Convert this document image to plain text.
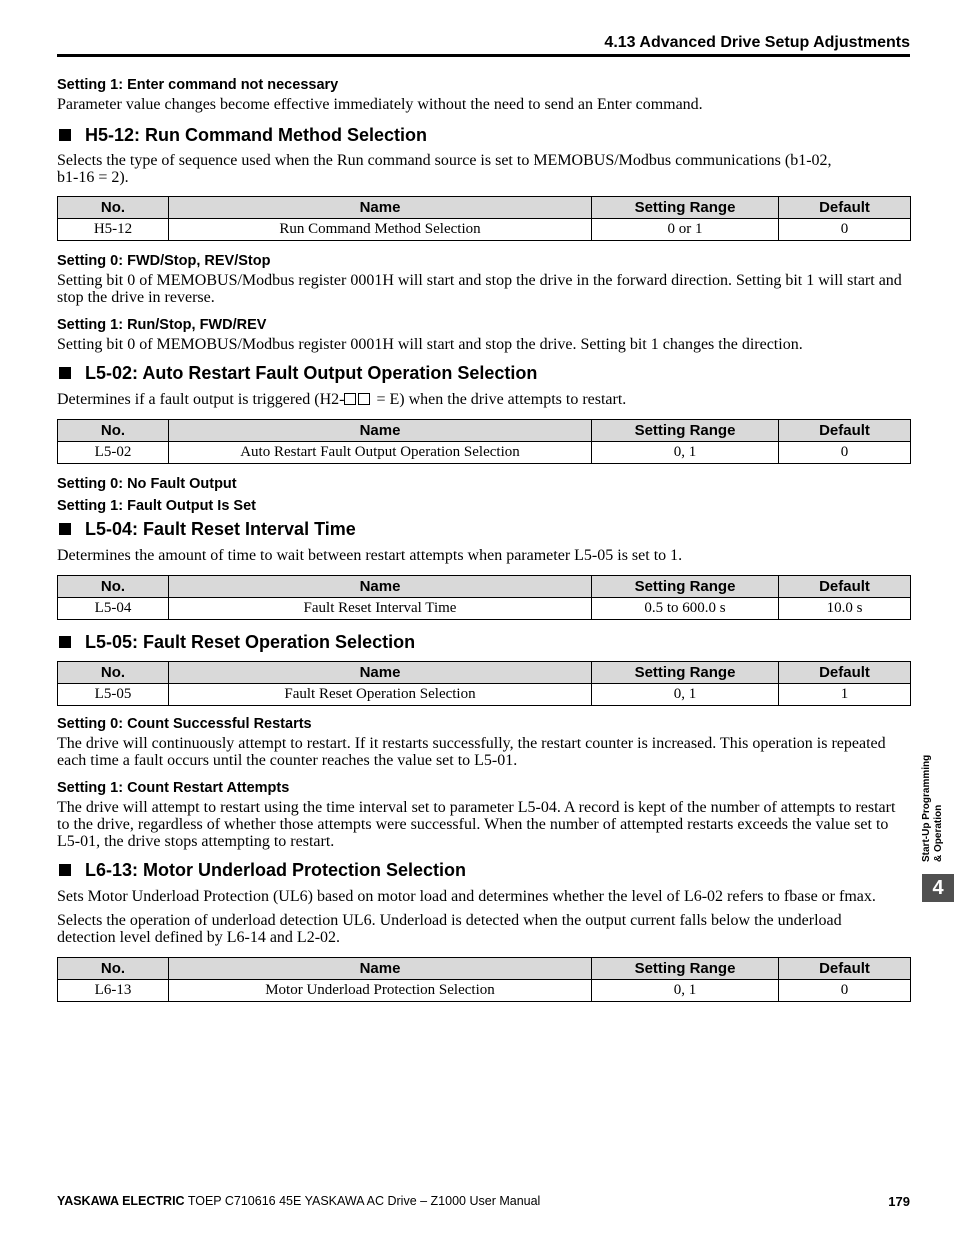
4.13 Advanced Drive Setup Adjustments

Setting 1: Enter command not necessary

Parameter value changes become effective immediately without the need to send an Enter command.

H5-12: Run Command Method Selection

Selects the type of sequence used when the Run command source is set to MEMOBUS/Modbus communications (b1-02, b1-16 = 2).

No.	Name	Setting Range	Default
H5-12	Run Command Method Selection	0 or 1	0

Setting 0: FWD/Stop, REV/Stop

Setting bit 0 of MEMOBUS/Modbus register 0001H will start and stop the drive in the forward direction. Setting bit 1 will start and stop the drive in reverse.

Setting 1: Run/Stop, FWD/REV

Setting bit 0 of MEMOBUS/Modbus register 0001H will start and stop the drive. Setting bit 1 changes the direction.

L5-02: Auto Restart Fault Output Operation Selection

Determines if a fault output is triggered (H2- = E) when the drive attempts to restart.

No.	Name	Setting Range	Default
L5-02	Auto Restart Fault Output Operation Selection	0, 1	0

Setting 0: No Fault Output

Setting 1: Fault Output Is Set

L5-04: Fault Reset Interval Time

Determines the amount of time to wait between restart attempts when parameter L5-05 is set to 1.

No.	Name	Setting Range	Default
L5-04	Fault Reset Interval Time	0.5 to 600.0 s	10.0 s
L5-05: Fault Reset Operation Selection
No.	Name	Setting Range	Default
L5-05	Fault Reset Operation Selection	0, 1	1

Setting 0: Count Successful Restarts

The drive will continuously attempt to restart. If it restarts successfully, the restart counter is increased. This operation is repeated each time a fault occurs until the counter reaches the value set to L5-01.

Setting 1: Count Restart Attempts

The drive will attempt to restart using the time interval set to parameter L5-04. A record is kept of the number of attempts to restart to the drive, regardless of whether those attempts were successful. When the number of attempted restarts exceeds the value set to L5-01, the drive stops attempting to restart.

L6-13: Motor Underload Protection Selection

Sets Motor Underload Protection (UL6) based on motor load and determines whether the level of L6-02 refers to fbase or fmax.

Selects the operation of underload detection UL6. Underload is detected when the output current falls below the underload detection level defined by L6-14 and L2-02.

No.	Name	Setting Range	Default
L6-13	Motor Underload Protection Selection	0, 1	0
Start-Up Programming & Operation
4
YASKAWA ELECTRIC TOEP C710616 45E YASKAWA AC Drive – Z1000 User Manual	179
